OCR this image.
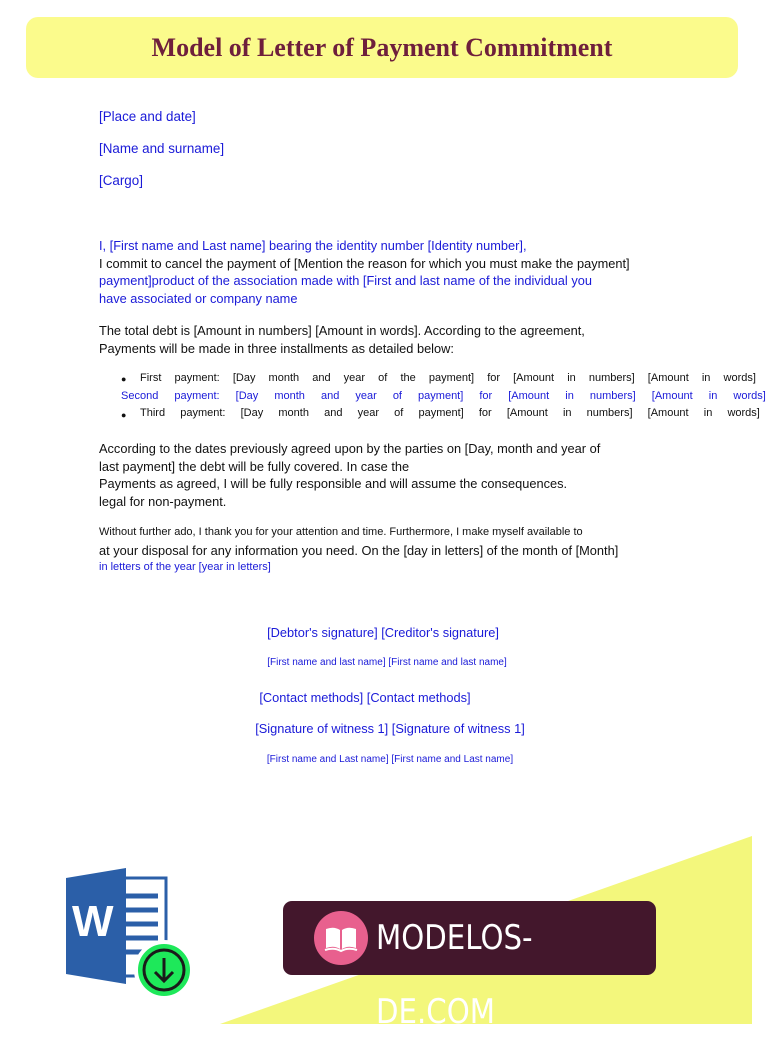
Model of Letter of Payment Commitment
[Place and date]
[Name and surname]
[Cargo]
I, [First name and Last name] bearing the identity number [Identity number],
I commit to cancel the payment of [Mention the reason for which you must make the payment]
payment]product of the association made with [First and last name of the individual you
have associated or company name
The total debt is [Amount in numbers] [Amount in words]. According to the agreement,
Payments will be made in three installments as detailed below:
● First payment: [Day month and year of the payment] for [Amount in numbers] [Amount in words]
Second payment: [Day month and year of payment] for [Amount in numbers] [Amount in words]
● Third payment: [Day month and year of payment] for [Amount in numbers] [Amount in words]
According to the dates previously agreed upon by the parties on [Day, month and year of
last payment] the debt will be fully covered. In case the
Payments as agreed, I will be fully responsible and will assume the consequences.
legal for non-payment.
Without further ado, I thank you for your attention and time. Furthermore, I make myself available to
at your disposal for any information you need. On the [day in letters] of the month of [Month]
in letters of the year [year in letters]
[Debtor's signature] [Creditor's signature]
[First name and last name] [First name and last name]
[Contact methods] [Contact methods]
[Signature of witness 1] [Signature of witness 1]
[First name and Last name] [First name and Last name]
W	MODELOS-DE.COM
